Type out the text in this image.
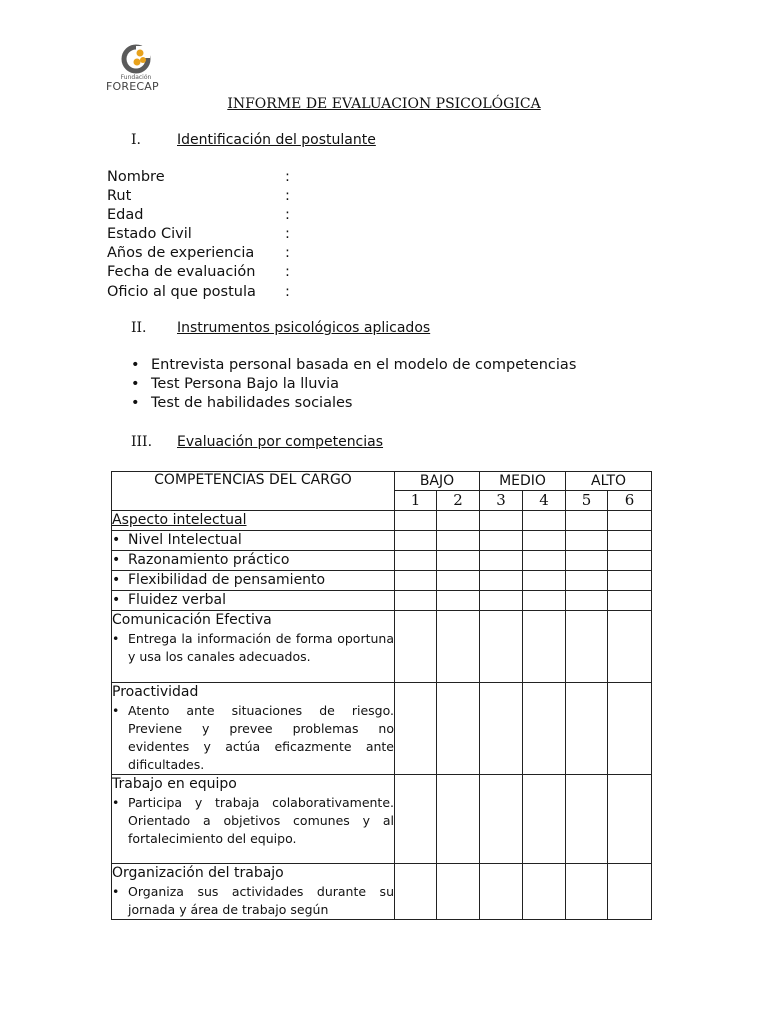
Fundación
FORECAP
INFORME DE EVALUACION PSICOLÓGICA
I.	Identificación del postulante
Nombre	:
Rut	:
Edad	:
Estado Civil	:
Años de experiencia :
Fecha de evaluación :
Oficio al que postula :
II. Instrumentos psicológicos aplicados
• Entrevista personal basada en el modelo de competencias
• Test Persona Bajo la lluvia
• Test de habilidades sociales
III. Evaluación por competencias
COMPETENCIAS DEL CARGO	BAJO		MEDIO		ALTO	
	1	2	3	4	5	6
Aspecto intelectual						

• Nivel Intelectual

• Razonamiento práctico

• Flexibilidad de pensamiento

• Fluidez verbal

Comunicación Efectiva
• Entrega la información de forma oportuna y usa los canales adecuados.

Proactividad
• Atento ante situaciones de riesgo. Previene y prevee problemas no evidentes y actúa eficazmente ante dificultades.

Trabajo en equipo
• Participa y trabaja colaborativamente. Orientado a objetivos comunes y al fortalecimiento del equipo.

Organización del trabajo
• Organiza sus actividades durante su jornada y área de trabajo según
